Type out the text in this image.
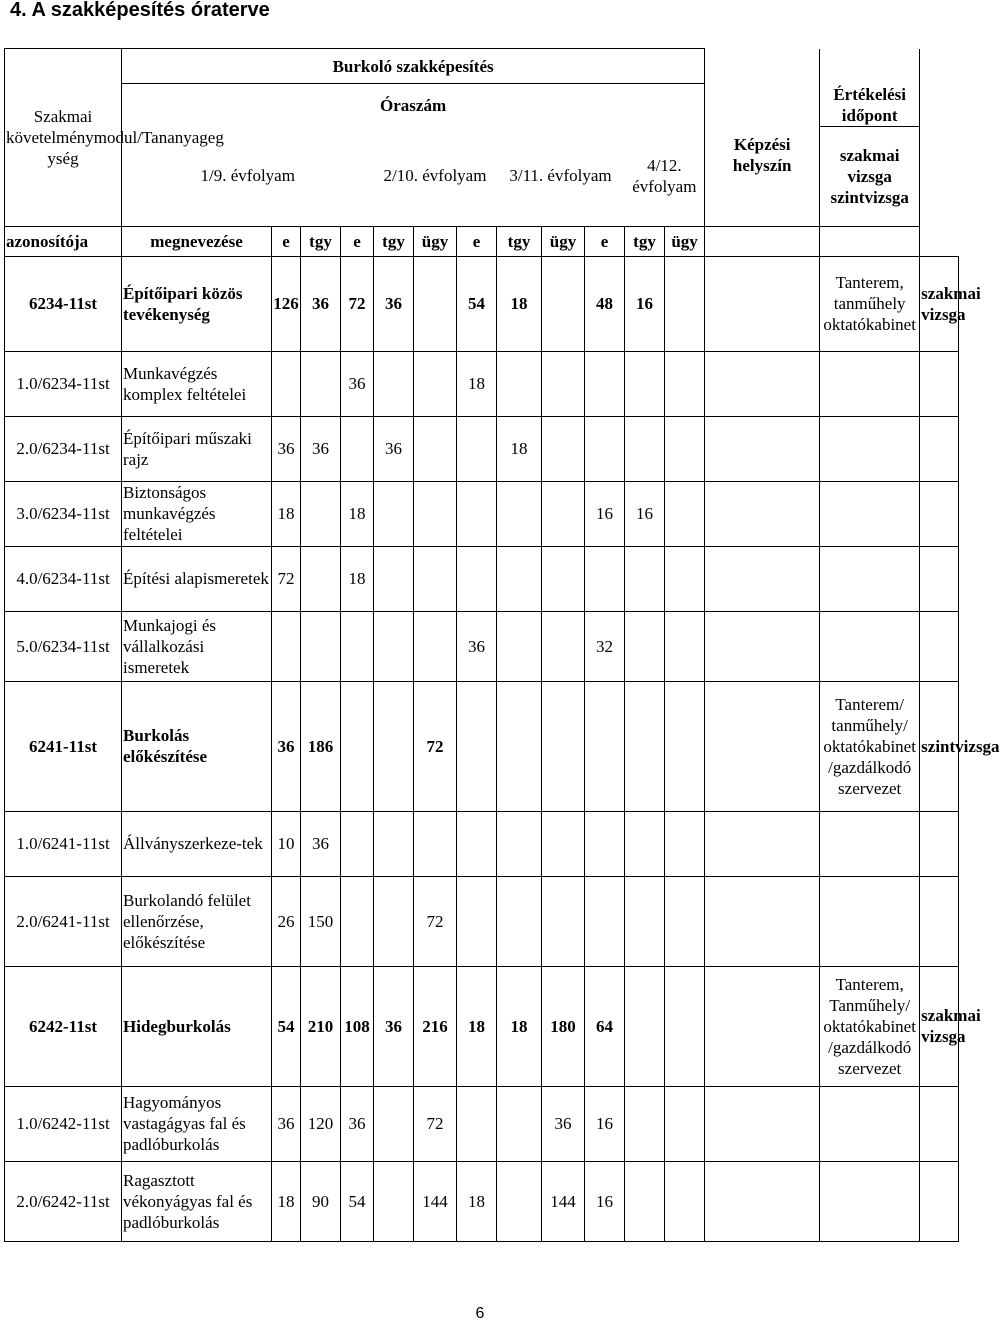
4. A szakképesítés óraterve
Szakmai követelménymodul/Tananyageg ység	Burkoló szakképesítés														
	Óraszám												Képzési helyszín	Értékelési időpont	
	1/9. évfolyam				2/10. évfolyam			3/11. évfolyam			4/12. évfolyam			szakmai vizsga szintvizsga	
azonosítója	megnevezése	e	tgy	e	tgy	ügy	e	tgy	ügy	e	tgy	ügy			
6234-11st	Építőipari közös tevékenység	126	36	72	36		54	18		48	16			Tanterem, tanműhely oktatókabinet	szakmai vizsga
1.0/6234-11st	Munkavégzés komplex feltételei			36			18								
2.0/6234-11st	Építőipari műszaki rajz	36	36		36			18							
3.0/6234-11st	Biztonságos munkavégzés feltételei	18		18						16	16				
4.0/6234-11st	Építési alapismeretek	72		18											
5.0/6234-11st	Munkajogi és vállalkozási ismeretek						36			32					
6241-11st	Burkolás előkészítése	36	186			72								Tanterem/ tanműhely/ oktatókabinet /gazdálkodó szervezet	szintvizsga
1.0/6241-11st	Állványszerkeze-tek	10	36												
2.0/6241-11st	Burkolandó felület ellenőrzése, előkészítése	26	150			72									
6242-11st	Hidegburkolás	54	210	108	36	216	18	18	180	64				Tanterem, Tanműhely/ oktatókabinet /gazdálkodó szervezet	szakmai vizsga
1.0/6242-11st	Hagyományos vastagágyas fal és padlóburkolás	36	120	36		72			36	16					
2.0/6242-11st	Ragasztott vékonyágyas fal és padlóburkolás	18	90	54		144	18		144	16					
6
